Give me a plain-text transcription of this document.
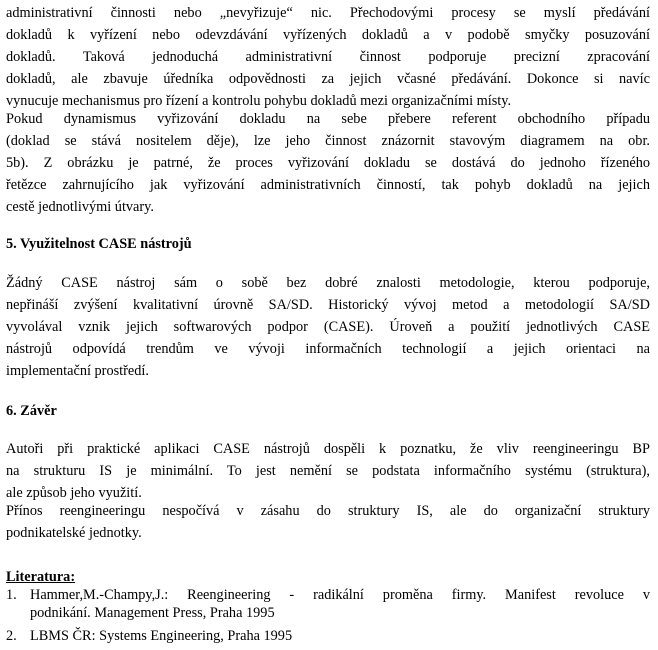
administrativní činnosti nebo „nevyřizuje“ nic. Přechodovými procesy se myslí předávání
dokladů k vyřízení nebo odevzdávání vyřízených dokladů a v podobě smyčky posuzování
dokladů. Taková jednoduchá administrativní činnost podporuje precizní zpracování
dokladů, ale zbavuje úředníka odpovědnosti za jejich včasné předávání. Dokonce si navíc
vynucuje mechanismus pro řízení a kontrolu pohybu dokladů mezi organizačními místy.
Pokud dynamismus vyřizování dokladu na sebe přebere referent obchodního případu
(doklad se stává nositelem děje), lze jeho činnost znázornit stavovým diagramem na obr.
5b). Z obrázku je patrné, že proces vyřizování dokladu se dostává do jednoho řízeného
řetězce zahrnujícího jak vyřizování administrativních činností, tak pohyb dokladů na jejich
cestě jednotlivými útvary.
5. Využitelnost CASE nástrojů
Žádný CASE nástroj sám o sobě bez dobré znalosti metodologie, kterou podporuje,
nepřináší zvýšení kvalitativní úrovně SA/SD. Historický vývoj metod a metodologií SA/SD
vyvolával vznik jejich softwarových podpor (CASE). Úroveň a použití jednotlivých CASE
nástrojů odpovídá trendům ve vývoji informačních technologií a jejich orientaci na
implementační prostředí.
6. Závěr
Autoři při praktické aplikaci CASE nástrojů dospěli k poznatku, že vliv reengineeringu BP
na strukturu IS je minimální. To jest nemění se podstata informačního systému (struktura),
ale způsob jeho využití.
Přínos reengineeringu nespočívá v zásahu do struktury IS, ale do organizační struktury
podnikatelské jednotky.
Literatura:
1. Hammer,M.-Champy,J.: Reengineering - radikální proměna firmy. Manifest revoluce v
podnikání. Management Press, Praha 1995
2. LBMS ČR: Systems Engineering, Praha 1995
